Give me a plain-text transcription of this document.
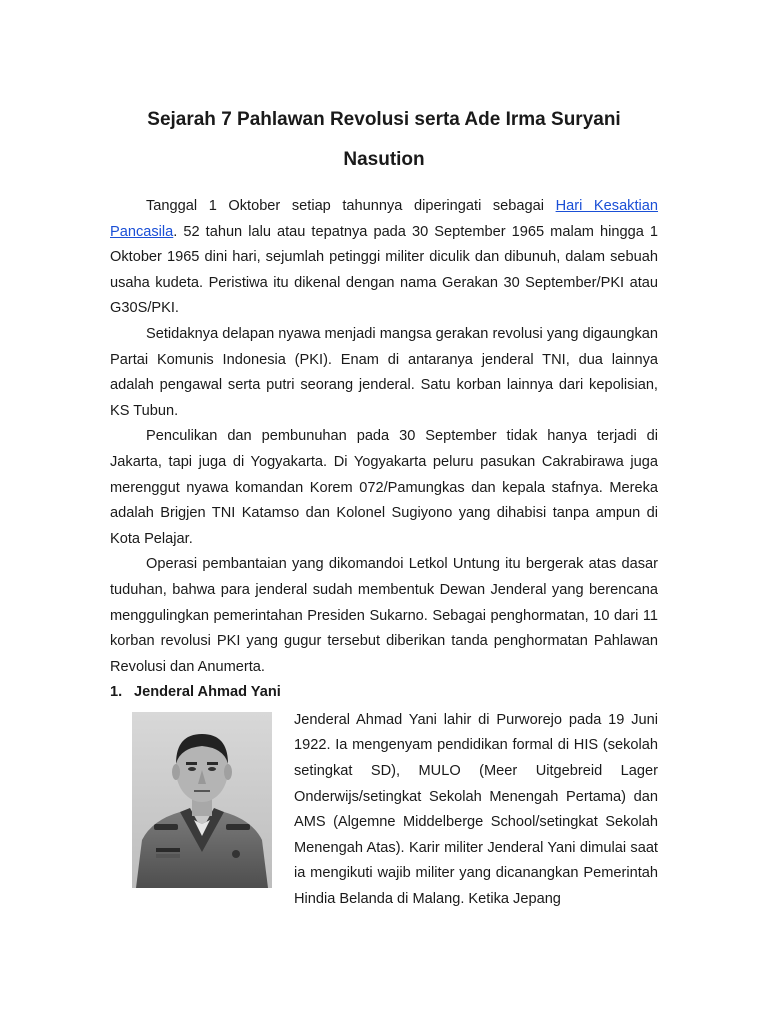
Sejarah 7 Pahlawan Revolusi serta Ade Irma Suryani
Nasution

Tanggal 1 Oktober setiap tahunnya diperingati sebagai Hari Kesaktian Pancasila. 52 tahun lalu atau tepatnya pada 30 September 1965 malam hingga 1 Oktober 1965 dini hari, sejumlah petinggi militer diculik dan dibunuh, dalam sebuah usaha kudeta. Peristiwa itu dikenal dengan nama Gerakan 30 September/PKI atau G30S/PKI.

Setidaknya delapan nyawa menjadi mangsa gerakan revolusi yang digaungkan Partai Komunis Indonesia (PKI). Enam di antaranya jenderal TNI, dua lainnya adalah pengawal serta putri seorang jenderal. Satu korban lainnya dari kepolisian, KS Tubun.

Penculikan dan pembunuhan pada 30 September tidak hanya terjadi di Jakarta, tapi juga di Yogyakarta. Di Yogyakarta peluru pasukan Cakrabirawa juga merenggut nyawa komandan Korem 072/Pamungkas dan kepala stafnya. Mereka adalah Brigjen TNI Katamso dan Kolonel Sugiyono yang dihabisi tanpa ampun di Kota Pelajar.

Operasi pembantaian yang dikomandoi Letkol Untung itu bergerak atas dasar tuduhan, bahwa para jenderal sudah membentuk Dewan Jenderal yang berencana menggulingkan pemerintahan Presiden Sukarno. Sebagai penghormatan, 10 dari 11 korban revolusi PKI yang gugur tersebut diberikan tanda penghormatan Pahlawan Revolusi dan Anumerta.

1. Jenderal Ahmad Yani

Jenderal Ahmad Yani lahir di Purworejo pada 19 Juni 1922. Ia mengenyam pendidikan formal di HIS (sekolah setingkat SD), MULO (Meer Uitgebreid Lager Onderwijs/setingkat Sekolah Menengah Pertama) dan AMS (Algemne Middelberge School/setingkat Sekolah Menengah Atas). Karir militer Jenderal Yani dimulai saat ia mengikuti wajib militer yang dicanangkan Pemerintah Hindia Belanda di Malang. Ketika Jepang
